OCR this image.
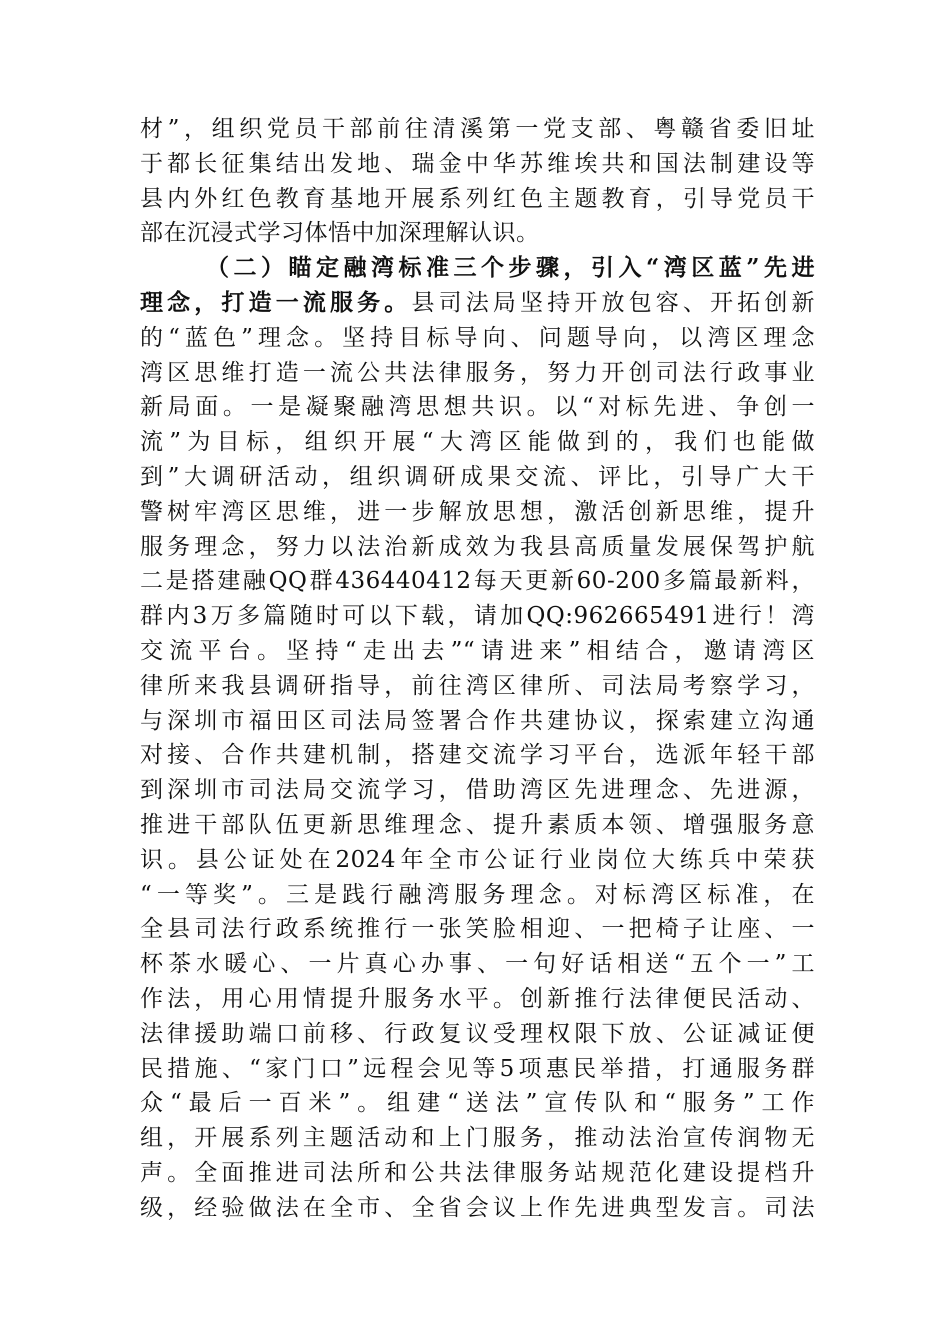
材”，组织党员干部前往清溪第一党支部、粤赣省委旧址
于都长征集结出发地、瑞金中华苏维埃共和国法制建设等
县内外红色教育基地开展系列红色主题教育，引导党员干
部在沉浸式学习体悟中加深理解认识。
（二）瞄定融湾标准三个步骤，引入“湾区蓝”先进
理念，打造一流服务。县司法局坚持开放包容、开拓创新
的“蓝色”理念。坚持目标导向、问题导向，以湾区理念
湾区思维打造一流公共法律服务，努力开创司法行政事业
新局面。一是凝聚融湾思想共识。以“对标先进、争创一
流”为目标，组织开展“大湾区能做到的，我们也能做
到”大调研活动，组织调研成果交流、评比，引导广大干
警树牢湾区思维，进一步解放思想，激活创新思维，提升
服务理念，努力以法治新成效为我县高质量发展保驾护航
二是搭建融QQ群436440412每天更新60-200多篇最新料，
群内3万多篇随时可以下载，请加QQ:962665491进行！湾
交流平台。坚持“走出去”“请进来”相结合，邀请湾区
律所来我县调研指导，前往湾区律所、司法局考察学习，
与深圳市福田区司法局签署合作共建协议，探索建立沟通
对接、合作共建机制，搭建交流学习平台，选派年轻干部
到深圳市司法局交流学习，借助湾区先进理念、先进源，
推进干部队伍更新思维理念、提升素质本领、增强服务意
识。县公证处在2024年全市公证行业岗位大练兵中荣获
“一等奖”。三是践行融湾服务理念。对标湾区标准，在
全县司法行政系统推行一张笑脸相迎、一把椅子让座、一
杯茶水暖心、一片真心办事、一句好话相送“五个一”工
作法，用心用情提升服务水平。创新推行法律便民活动、
法律援助端口前移、行政复议受理权限下放、公证减证便
民措施、“家门口”远程会见等5项惠民举措，打通服务群
众“最后一百米”。组建“送法”宣传队和“服务”工作
组，开展系列主题活动和上门服务，推动法治宣传润物无
声。全面推进司法所和公共法律服务站规范化建设提档升
级，经验做法在全市、全省会议上作先进典型发言。司法
